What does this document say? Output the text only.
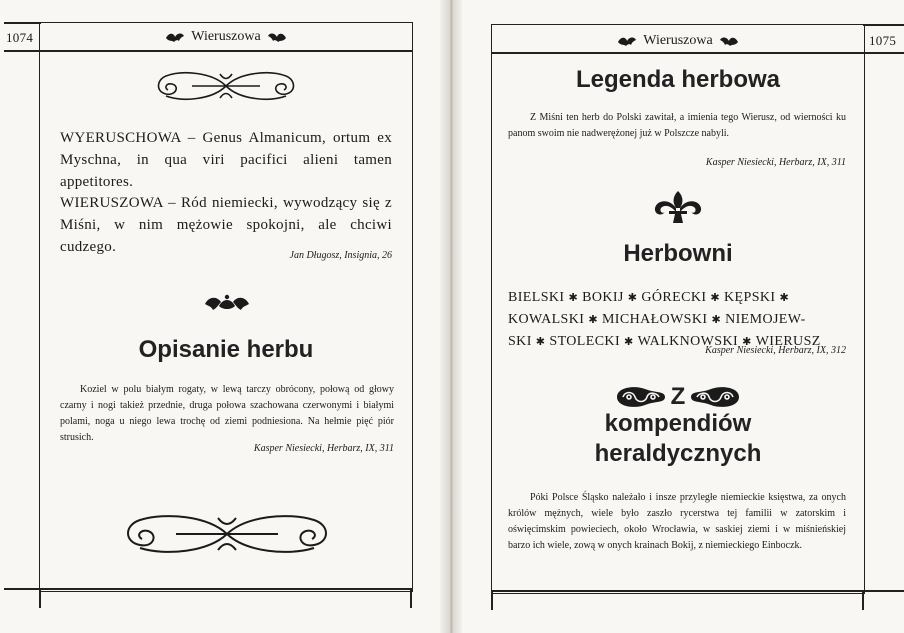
1074	Wieruszowa
WYERUSCHOWA – Genus Almanicum, ortum ex Myschna, in qua viri pacifici alieni tamen appetitores.
WIERUSZOWA – Ród niemiecki, wywodzący się z Miśni, w nim mężowie spokojni, ale chciwi cudzego.
Jan Długosz, Insignia, 26
Opisanie herbu
Koziel w polu białym rogaty, w lewą tarczy obrócony, połową od głowy czarny i nogi takież przednie, druga połowa szachowana czerwonymi i białymi polami, noga u niego lewa trochę od ziemi podniesiona. Na hełmie pięć piór strusich.
Kasper Niesiecki, Herbarz, IX, 311
1075
Wieruszowa
Legenda herbowa
Z Miśni ten herb do Polski zawitał, a imienia tego Wierusz, od wierności ku panom swoim nie nadwerężonej już w Polszcze nabyli.
Kasper Niesiecki, Herbarz, IX, 311
Herbowni
BIELSKI ✱ BOKIJ ✱ GÓRECKI ✱ KĘPSKI ✱ KOWALSKI ✱ MICHAŁOWSKI ✱ NIEMOJEW-SKI ✱ STOLECKI ✱ WALKNOWSKI ✱ WIERUSZ
Kasper Niesiecki, Herbarz, IX, 312
Z
kompendiów
heraldycznych
Póki Polsce Śląsko należało i insze przyległe niemieckie księstwa, za onych królów mężnych, wiele było zaszło rycerstwa tej familii w zatorskim i oświęcimskim powieciech, około Wrocławia, w saskiej ziemi i w miśnieńskiej barzo ich wiele, zową w onych krainach Bokij, z niemieckiego Einboczk.
